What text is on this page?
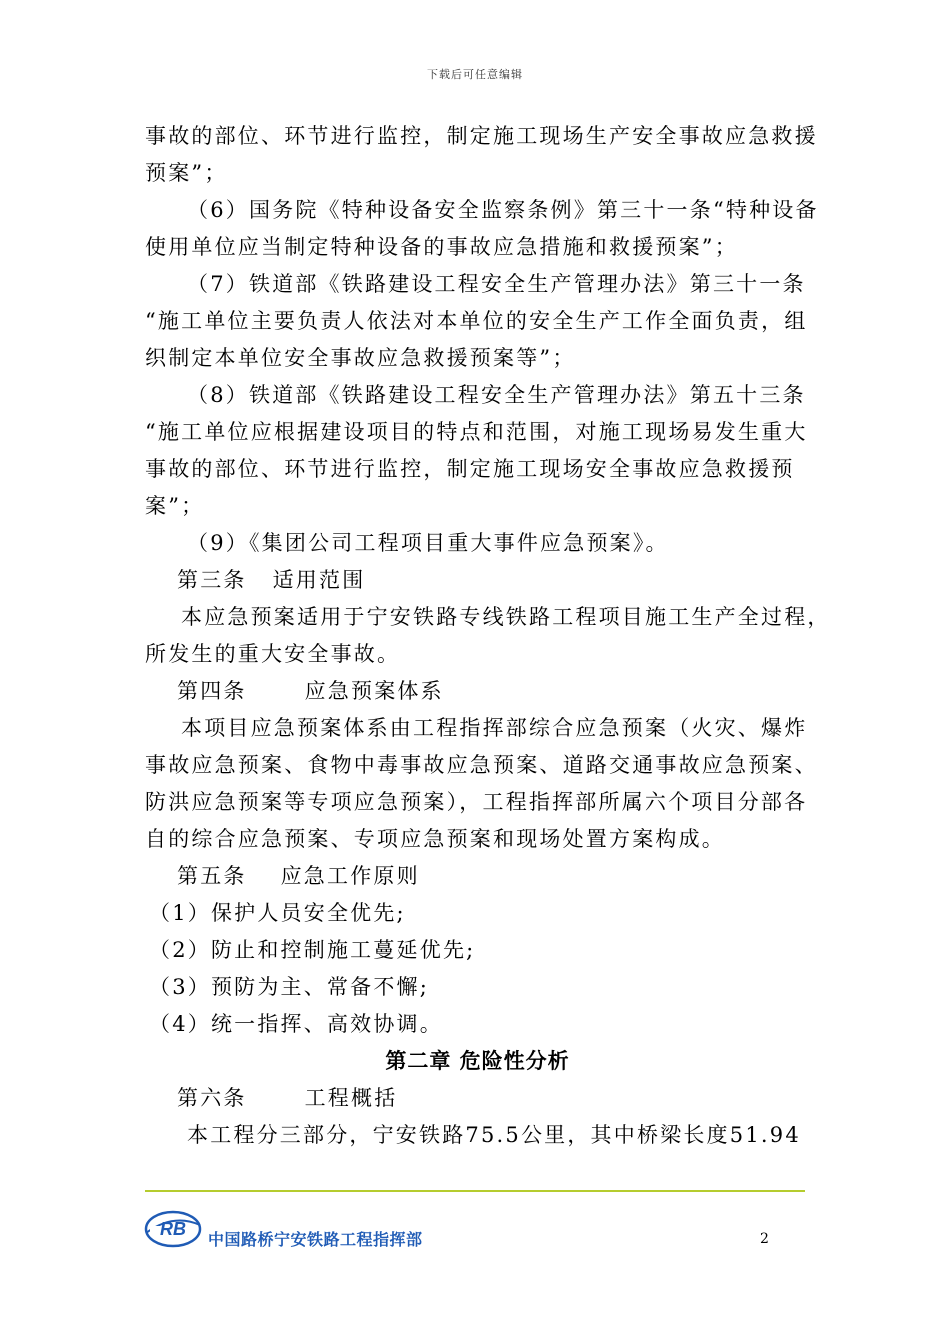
下载后可任意编辑
事故的部位、环节进行监控，制定施工现场生产安全事故应急救援
预案”；
（6）国务院《特种设备安全监察条例》第三十一条“特种设备
使用单位应当制定特种设备的事故应急措施和救援预案”；
（7）铁道部《铁路建设工程安全生产管理办法》第三十一条
“施工单位主要负责人依法对本单位的安全生产工作全面负责，组
织制定本单位安全事故应急救援预案等”；
（8）铁道部《铁路建设工程安全生产管理办法》第五十三条
“施工单位应根据建设项目的特点和范围，对施工现场易发生重大
事故的部位、环节进行监控，制定施工现场安全事故应急救援预
案”；
（9）《集团公司工程项目重大事件应急预案》。
第三条 适用范围
本应急预案适用于宁安铁路专线铁路工程项目施工生产全过程，
所发生的重大安全事故。
第四条	应急预案体系
本项目应急预案体系由工程指挥部综合应急预案（火灾、爆炸
事故应急预案、食物中毒事故应急预案、道路交通事故应急预案、
防洪应急预案等专项应急预案），工程指挥部所属六个项目分部各
自的综合应急预案、专项应急预案和现场处置方案构成。
第五条 应急工作原则
（1）保护人员安全优先;
（2）防止和控制施工蔓延优先;
（3）预防为主、常备不懈;
（4）统一指挥、高效协调。
第二章 危险性分析
第六条	工程概括
本工程分三部分，宁安铁路75.5公里，其中桥梁长度51.94
RB
中国路桥宁安铁路工程指挥部	2
